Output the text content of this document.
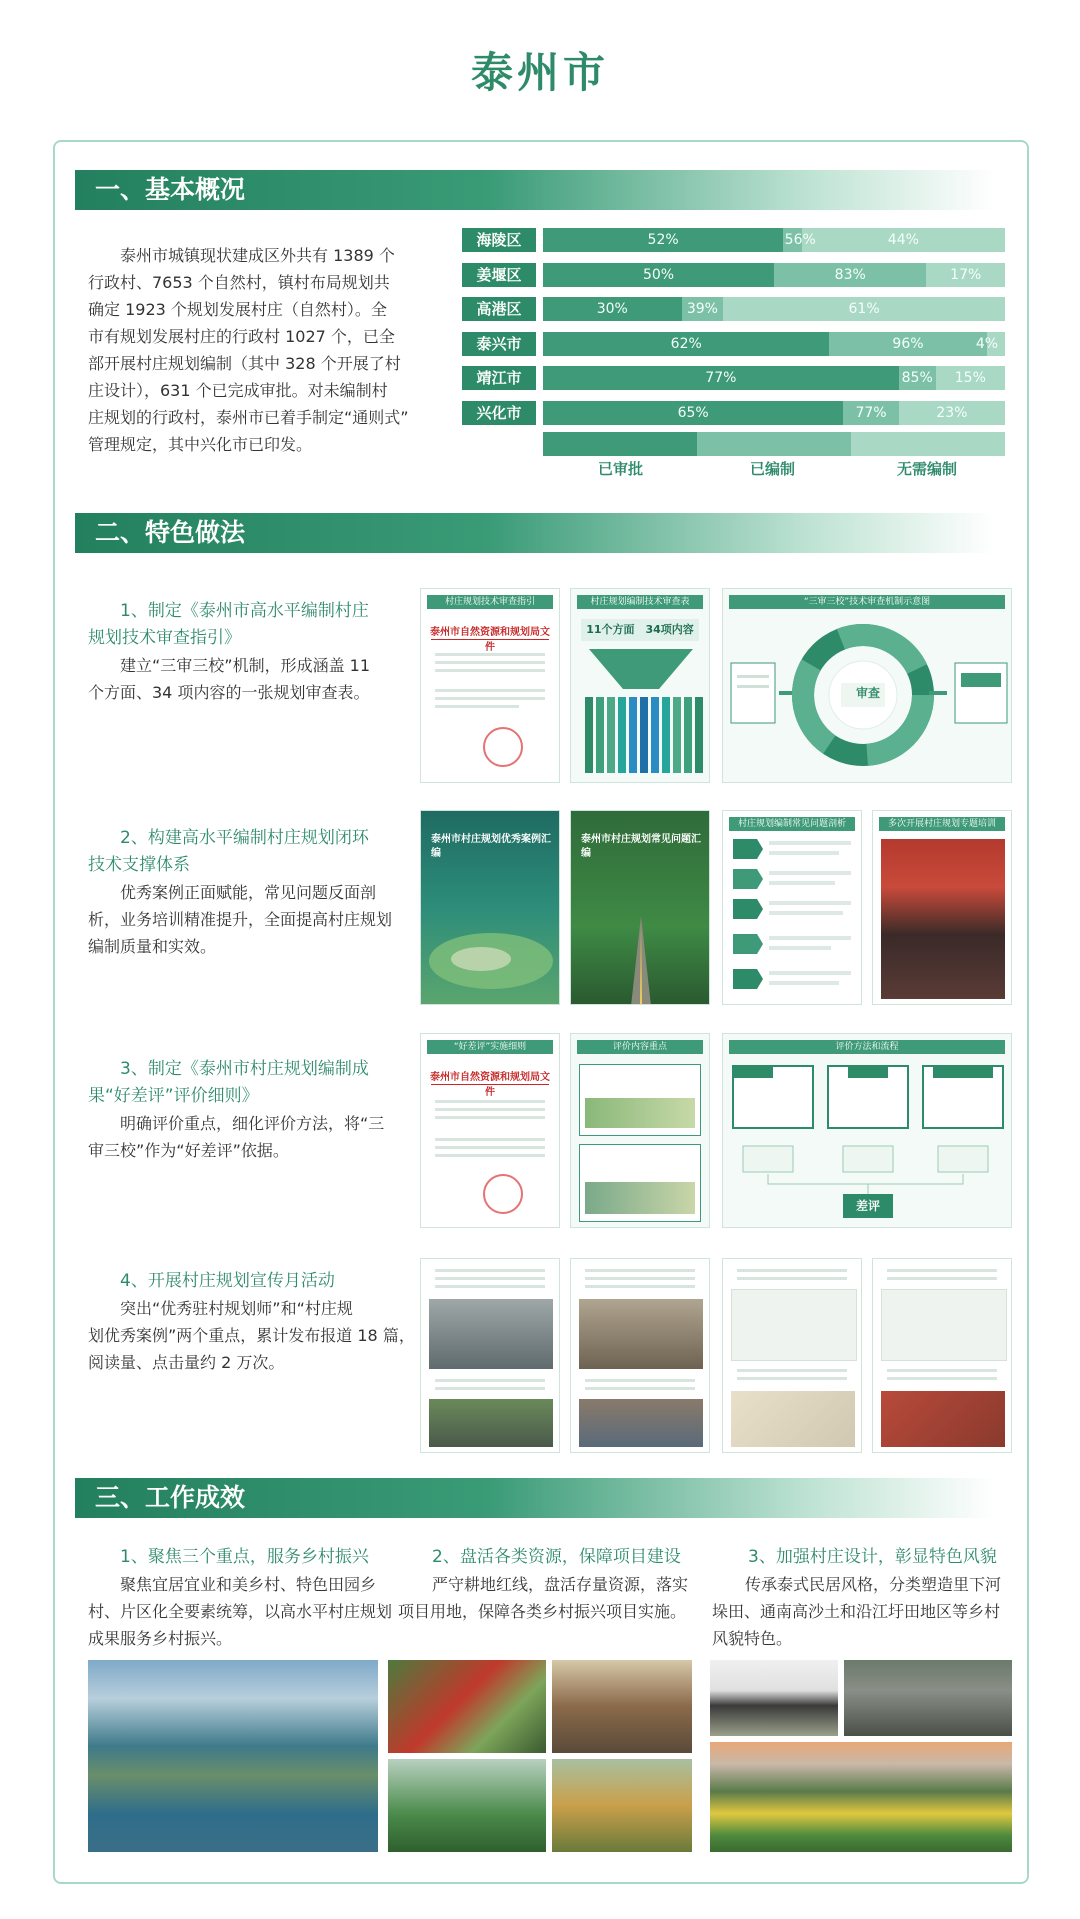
泰州市
一、基本概况
泰州市城镇现状建成区外共有 1389 个
行政村、7653 个自然村，镇村布局规划共
确定 1923 个规划发展村庄（自然村）。全
市有规划发展村庄的行政村 1027 个，已全
部开展村庄规划编制（其中 328 个开展了村
庄设计），631 个已完成审批。对未编制村
庄规划的行政村，泰州市已着手制定“通则式”
管理规定，其中兴化市已印发。
海陵区	52%	56%	44%
姜堰区	50%	83%	17%
高港区	30%	39%	61%
泰兴市	62%	96%	4%
靖江市	77%	85%	15%
兴化市	65%	77%	23%
已审批	已编制	无需编制
二、特色做法
1、制定《泰州市高水平编制村庄
规划技术审查指引》
建立“三审三校”机制，形成涵盖 11
个方面、34 项内容的一张规划审查表。
2、构建高水平编制村庄规划闭环
技术支撑体系
优秀案例正面赋能，常见问题反面剖
析，业务培训精准提升，全面提高村庄规划
编制质量和实效。
3、制定《泰州市村庄规划编制成
果“好差评”评价细则》
明确评价重点，细化评价方法，将“三
审三校”作为“好差评”依据。
4、开展村庄规划宣传月活动
突出“优秀驻村规划师”和“村庄规
划优秀案例”两个重点，累计发布报道 18 篇，
阅读量、点击量约 2 万次。
村庄规划技术审查指引
泰州市自然资源和规划局文件
村庄规划编制技术审查表
11个方面　34项内容
“三审三校”技术审查机制示意图
审查
泰州市村庄规划优秀案例汇编
泰州市村庄规划常见问题汇编
村庄规划编制常见问题剖析	多次开展村庄规划专题培训
“好差评”实施细则
泰州市自然资源和规划局文件
评价内容重点	评价方法和流程
差评
三、工作成效
1、聚焦三个重点，服务乡村振兴
聚焦宜居宜业和美乡村、特色田园乡
村、片区化全要素统筹，以高水平村庄规划
成果服务乡村振兴。
2、盘活各类资源，保障项目建设
严守耕地红线，盘活存量资源，落实
项目用地，保障各类乡村振兴项目实施。
3、加强村庄设计，彰显特色风貌
传承泰式民居风格，分类塑造里下河
垛田、通南高沙土和沿江圩田地区等乡村
风貌特色。
